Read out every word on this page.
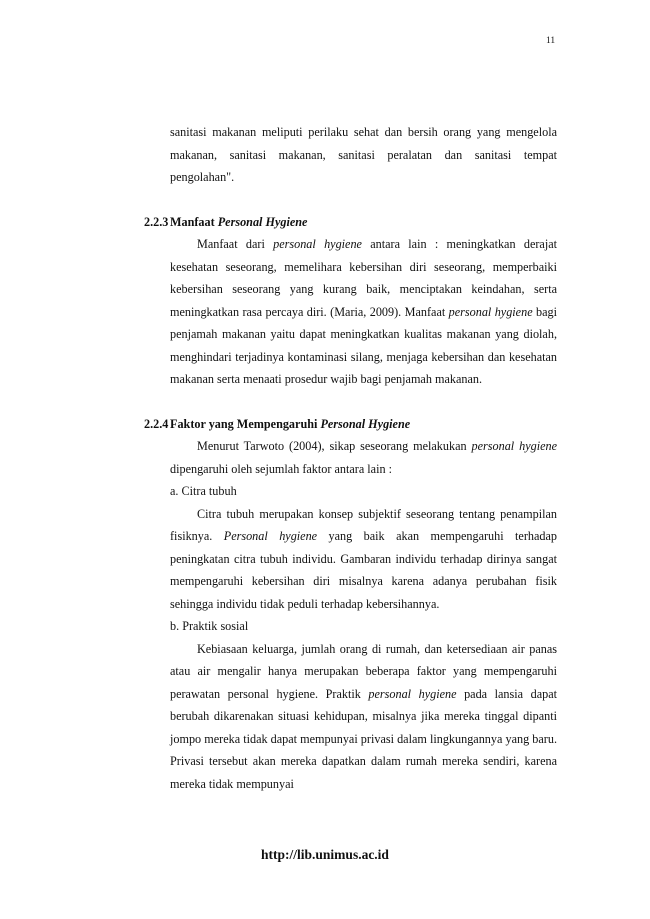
11

sanitasi makanan meliputi perilaku sehat dan bersih orang yang mengelola makanan, sanitasi makanan, sanitasi peralatan dan sanitasi tempat pengolahan".

2.2.3 Manfaat Personal Hygiene

Manfaat dari personal hygiene antara lain : meningkatkan derajat kesehatan seseorang, memelihara kebersihan diri seseorang, memperbaiki kebersihan seseorang yang kurang baik, menciptakan keindahan, serta meningkatkan rasa percaya diri. (Maria, 2009). Manfaat personal hygiene bagi penjamah makanan yaitu dapat meningkatkan kualitas makanan yang diolah, menghindari terjadinya kontaminasi silang, menjaga kebersihan dan kesehatan makanan serta menaati prosedur wajib bagi penjamah makanan.

2.2.4 Faktor yang Mempengaruhi Personal Hygiene

Menurut Tarwoto (2004), sikap seseorang melakukan personal hygiene dipengaruhi oleh sejumlah faktor antara lain :

a. Citra tubuh

Citra tubuh merupakan konsep subjektif seseorang tentang penampilan fisiknya. Personal hygiene yang baik akan mempengaruhi terhadap peningkatan citra tubuh individu. Gambaran individu terhadap dirinya sangat mempengaruhi kebersihan diri misalnya karena adanya perubahan fisik sehingga individu tidak peduli terhadap kebersihannya.

b. Praktik sosial

Kebiasaan keluarga, jumlah orang di rumah, dan ketersediaan air panas atau air mengalir hanya merupakan beberapa faktor yang mempengaruhi perawatan personal hygiene. Praktik personal hygiene pada lansia dapat berubah dikarenakan situasi kehidupan, misalnya jika mereka tinggal dipanti jompo mereka tidak dapat mempunyai privasi dalam lingkungannya yang baru. Privasi tersebut akan mereka dapatkan dalam rumah mereka sendiri, karena mereka tidak mempunyai

http://lib.unimus.ac.id
